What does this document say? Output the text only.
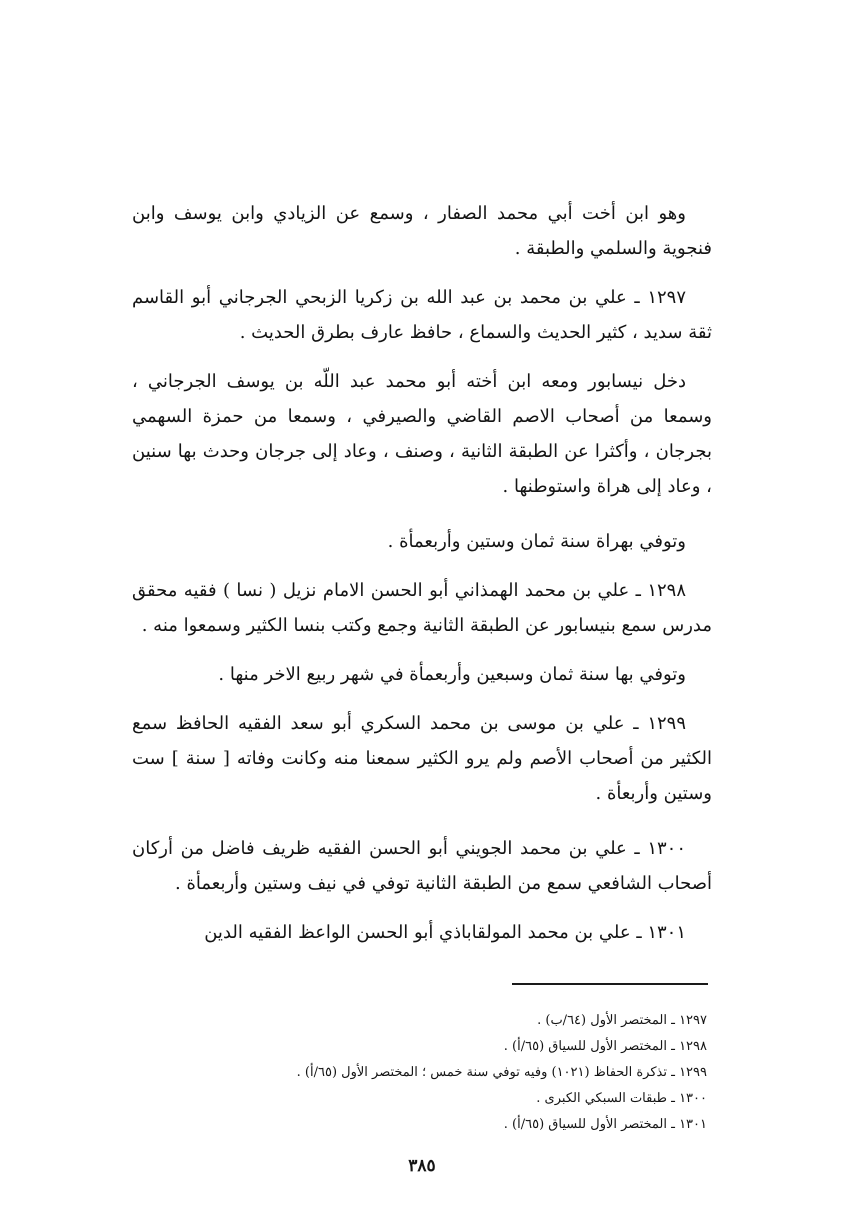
وهو ابن أخت أبي محمد الصفار ، وسمع عن الزيادي وابن يوسف وابن فنجوية والسلمي والطبقة .

١٢٩٧ ـ علي بن محمد بن عبد الله بن زكريا الزبحي الجرجاني أبو القاسم ثقة سديد ، كثير الحديث والسماع ، حافظ عارف بطرق الحديث .

دخل نيسابور ومعه ابن أخته أبو محمد عبد اللّه بن يوسف الجرجاني ، وسمعا من أصحاب الاصم القاضي والصيرفي ، وسمعا من حمزة السهمي بجرجان ، وأكثرا عن الطبقة الثانية ، وصنف ، وعاد إلى جرجان وحدث بها سنين ، وعاد إلى هراة واستوطنها .

وتوفي بهراة سنة ثمان وستين وأربعمأة .

١٢٩٨ ـ علي بن محمد الهمذاني أبو الحسن الامام نزيل ( نسا ) فقيه محقق مدرس سمع بنيسابور عن الطبقة الثانية وجمع وكتب بنسا الكثير وسمعوا منه .

وتوفي بها سنة ثمان وسبعين وأربعمأة في شهر ربيع الاخر منها .

١٢٩٩ ـ علي بن موسى بن محمد السكري أبو سعد الفقيه الحافظ سمع الكثير من أصحاب الأصم ولم يرو الكثير سمعنا منه وكانت وفاته [ سنة ] ست وستين وأربعأة .

١٣٠٠ ـ علي بن محمد الجويني أبو الحسن الفقيه ظريف فاضل من أركان أصحاب الشافعي سمع من الطبقة الثانية توفي في نيف وستين وأربعمأة .

١٣٠١ ـ علي بن محمد المولقاباذي أبو الحسن الواعظ الفقيه الدين

١٢٩٧ ـ المختصر الأول (٦٤/ب) .

١٢٩٨ ـ المختصر الأول للسياق (٦٥/أ) .

١٢٩٩ ـ تذكرة الحفاظ (١٠٢١) وفيه توفي سنة خمس ؛ المختصر الأول (٦٥/أ) .

١٣٠٠ ـ طبقات السبكي الكبرى .

١٣٠١ ـ المختصر الأول للسياق (٦٥/أ) .

٣٨٥
